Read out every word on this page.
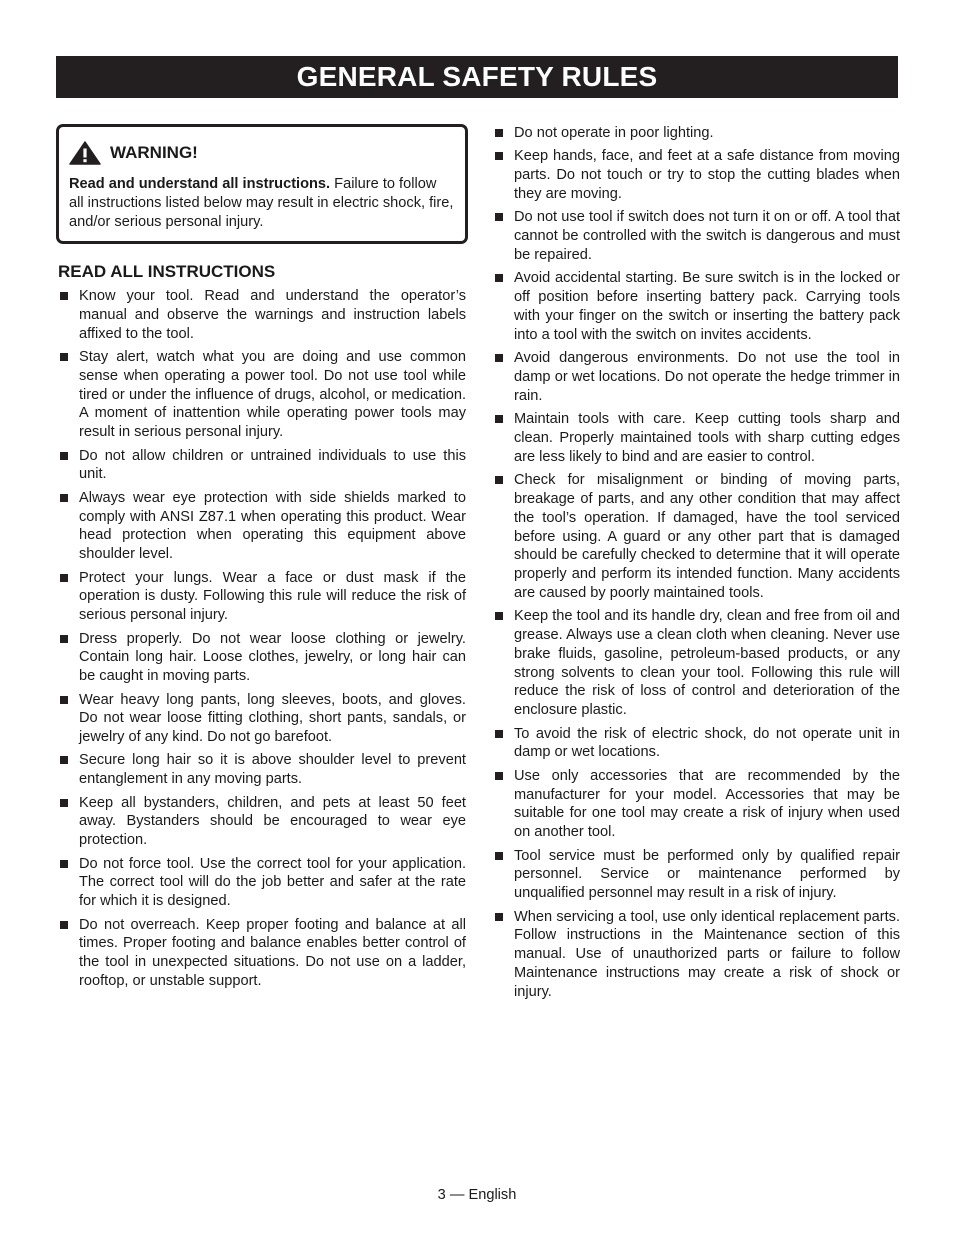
GENERAL SAFETY RULES
WARNING!
Read and understand all instructions. Failure to follow all instructions listed below may result in electric shock, fire, and/or serious personal injury.
READ ALL INSTRUCTIONS
Know your tool. Read and understand the operator’s manual and observe the warnings and instruction labels affixed to the tool.
Stay alert, watch what you are doing and use common sense when operating a power tool. Do not use tool while tired or under the influence of drugs, alcohol, or medication. A moment of inattention while operating power tools may result in serious personal injury.
Do not allow children or untrained individuals to use this unit.
Always wear eye protection with side shields marked to comply with ANSI Z87.1 when operating this product. Wear head protection when operating this equipment above shoulder level.
Protect your lungs. Wear a face or dust mask if the operation is dusty. Following this rule will reduce the risk of serious personal injury.
Dress properly. Do not wear loose clothing or jewelry. Contain long hair. Loose clothes, jewelry, or long hair can be caught in moving parts.
Wear heavy long pants, long sleeves, boots, and gloves. Do not wear loose fitting clothing, short pants, sandals, or jewelry of any kind. Do not go barefoot.
Secure long hair so it is above shoulder level to prevent entanglement in any moving parts.
Keep all bystanders, children, and pets at least 50 feet away. Bystanders should be encouraged to wear eye protection.
Do not force tool. Use the correct tool for your application. The correct tool will do the job better and safer at the rate for which it is designed.
Do not overreach. Keep proper footing and balance at all times. Proper footing and balance enables better control of the tool in unexpected situations. Do not use on a ladder, rooftop, or unstable support.
Do not operate in poor lighting.
Keep hands, face, and feet at a safe distance from moving parts. Do not touch or try to stop the cutting blades when they are moving.
Do not use tool if switch does not turn it on or off. A tool that cannot be controlled with the switch is dangerous and must be repaired.
Avoid accidental starting. Be sure switch is in the locked or off position before inserting battery pack. Carrying tools with your finger on the switch or inserting the battery pack into a tool with the switch on invites accidents.
Avoid dangerous environments. Do not use the tool in damp or wet locations. Do not operate the hedge trimmer in rain.
Maintain tools with care. Keep cutting tools sharp and clean. Properly maintained tools with sharp cutting edges are less likely to bind and are easier to control.
Check for misalignment or binding of moving parts, breakage of parts, and any other condition that may affect the tool’s operation. If damaged, have the tool serviced before using. A guard or any other part that is damaged should be carefully checked to determine that it will operate properly and perform its intended function. Many accidents are caused by poorly maintained tools.
Keep the tool and its handle dry, clean and free from oil and grease. Always use a clean cloth when cleaning. Never use brake fluids, gasoline, petroleum-based products, or any strong solvents to clean your tool. Following this rule will reduce the risk of loss of control and deterioration of the enclosure plastic.
To avoid the risk of electric shock, do not operate unit in damp or wet locations.
Use only accessories that are recommended by the manufacturer for your model. Accessories that may be suitable for one tool may create a risk of injury when used on another tool.
Tool service must be performed only by qualified repair personnel. Service or maintenance performed by unqualified personnel may result in a risk of injury.
When servicing a tool, use only identical replacement parts. Follow instructions in the Maintenance section of this manual. Use of unauthorized parts or failure to follow Maintenance instructions may create a risk of shock or injury.
3 — English
